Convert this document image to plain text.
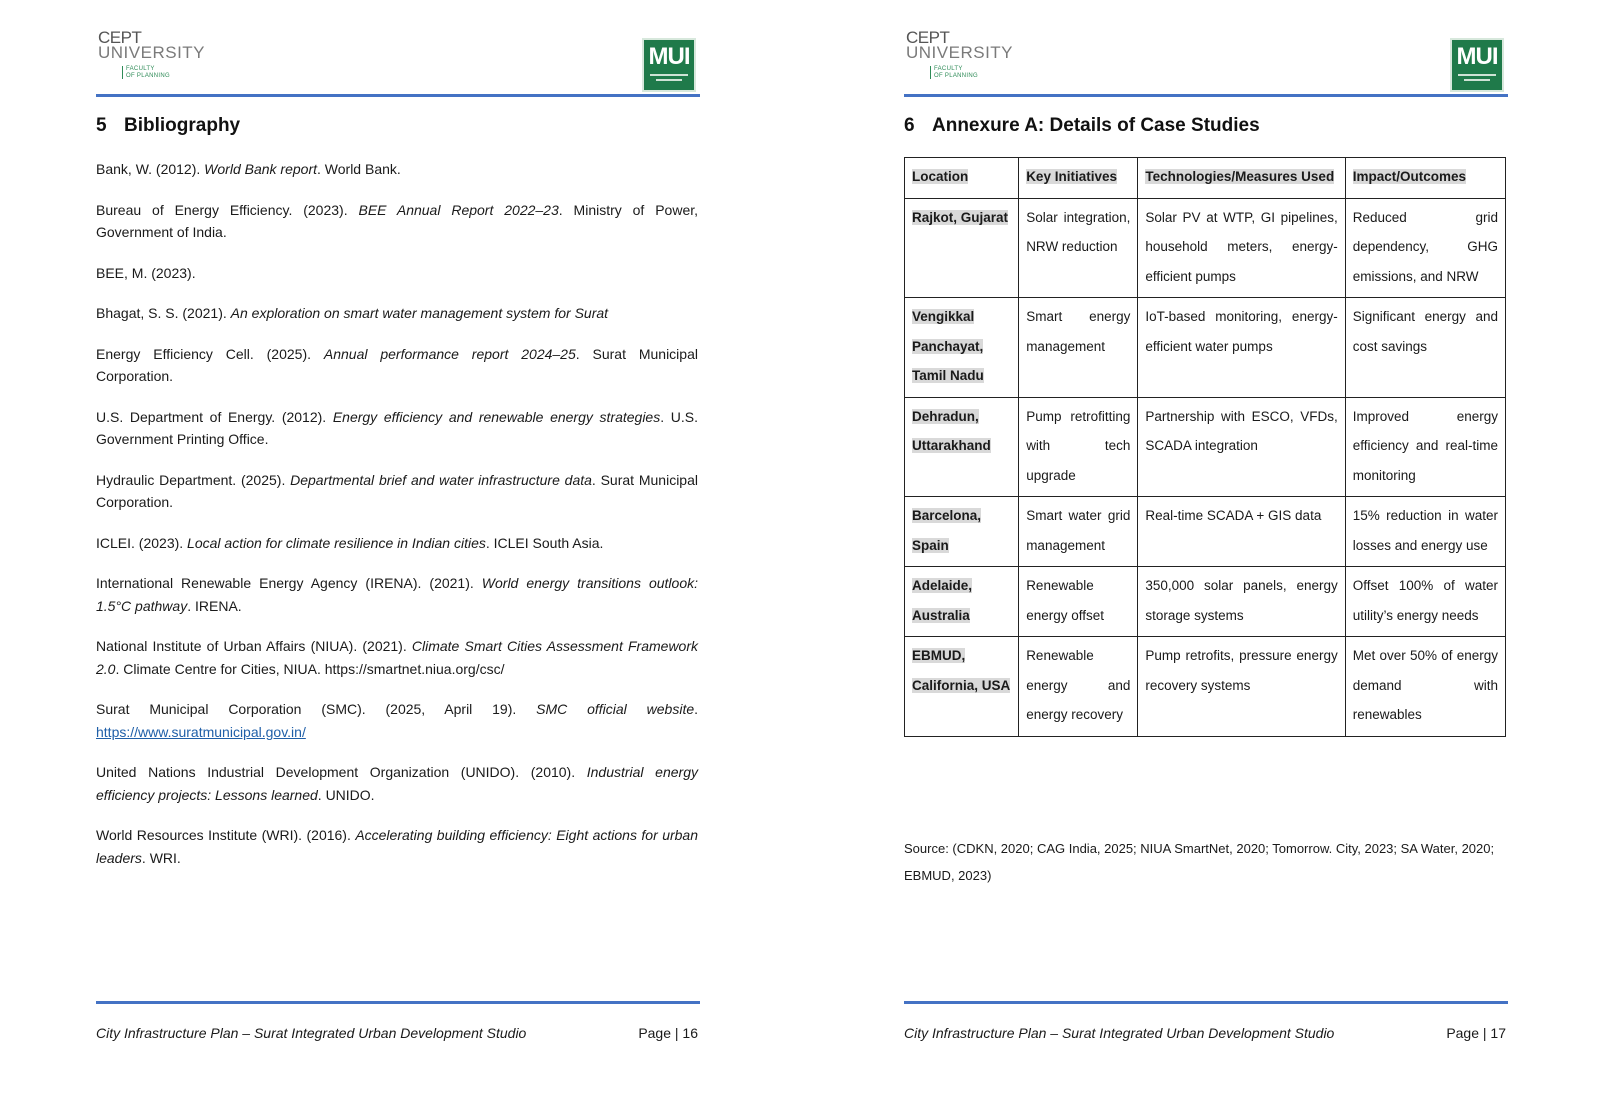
CEPT
UNIVERSITY
FACULTY
OF PLANNING
MUI
5 Bibliography

Bank, W. (2012). World Bank report. World Bank.

Bureau of Energy Efficiency. (2023). BEE Annual Report 2022–23. Ministry of Power, Government of India.

BEE, M. (2023).

Bhagat, S. S. (2021). An exploration on smart water management system for Surat

Energy Efficiency Cell. (2025). Annual performance report 2024–25. Surat Municipal Corporation.

U.S. Department of Energy. (2012). Energy efficiency and renewable energy strategies. U.S. Government Printing Office.

Hydraulic Department. (2025). Departmental brief and water infrastructure data. Surat Municipal Corporation.

ICLEI. (2023). Local action for climate resilience in Indian cities. ICLEI South Asia.

International Renewable Energy Agency (IRENA). (2021). World energy transitions outlook: 1.5°C pathway. IRENA.

National Institute of Urban Affairs (NIUA). (2021). Climate Smart Cities Assessment Framework 2.0. Climate Centre for Cities, NIUA. https://smartnet.niua.org/csc/

Surat Municipal Corporation (SMC). (2025, April 19). SMC official website. https://www.suratmunicipal.gov.in/

United Nations Industrial Development Organization (UNIDO). (2010). Industrial energy efficiency projects: Lessons learned. UNIDO.

World Resources Institute (WRI). (2016). Accelerating building efficiency: Eight actions for urban leaders. WRI.

City Infrastructure Plan – Surat Integrated Urban Development Studio	Page | 16
CEPT
UNIVERSITY
FACULTY
OF PLANNING
MUI
6 Annexure A: Details of Case Studies
Location	Key Initiatives	Technologies/Measures Used	Impact/Outcomes
Rajkot, Gujarat	Solar integration, NRW reduction	Solar PV at WTP, GI pipelines, household meters, energy-efficient pumps	Reduced grid dependency, GHG emissions, and NRW
Vengikkal Panchayat, Tamil Nadu	Smart energy management	IoT-based monitoring, energy-efficient water pumps	Significant energy and cost savings
Dehradun, Uttarakhand	Pump retrofitting with tech upgrade	Partnership with ESCO, VFDs, SCADA integration	Improved energy efficiency and real-time monitoring
Barcelona, Spain	Smart water grid management	Real-time SCADA + GIS data	15% reduction in water losses and energy use
Adelaide, Australia	Renewable energy offset	350,000 solar panels, energy storage systems	Offset 100% of water utility’s energy needs
EBMUD, California, USA	Renewable energy and energy recovery	Pump retrofits, pressure energy recovery systems	Met over 50% of energy demand with renewables
Source: (CDKN, 2020; CAG India, 2025; NIUA SmartNet, 2020; Tomorrow. City, 2023; SA Water, 2020; EBMUD, 2023)
City Infrastructure Plan – Surat Integrated Urban Development Studio	Page | 17
